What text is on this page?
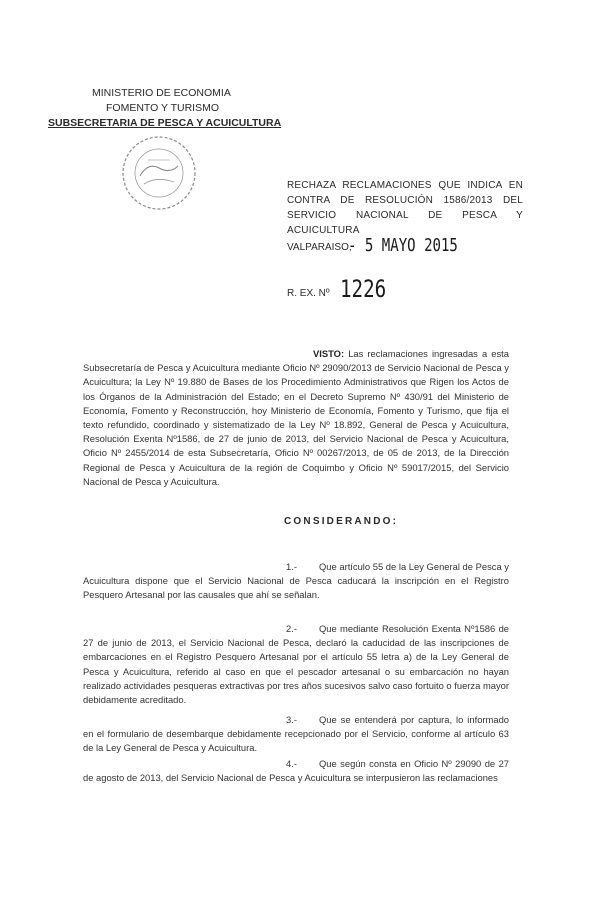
MINISTERIO DE ECONOMIA
FOMENTO Y TURISMO
SUBSECRETARIA DE PESCA Y ACUICULTURA
RECHAZA RECLAMACIONES QUE INDICA EN CONTRA DE RESOLUCIÓN 1586/2013 DEL SERVICIO NACIONAL DE PESCA Y ACUICULTURA
VALPARAISO,
- 5 MAYO 2015
R. EX. Nº 1226
VISTO: Las reclamaciones ingresadas a esta Subsecretaría de Pesca y Acuicultura mediante Oficio Nº 29090/2013 de Servicio Nacional de Pesca y Acuicultura; la Ley Nº 19.880 de Bases de los Procedimiento Administrativos que Rigen los Actos de los Órganos de la Administración del Estado; en el Decreto Supremo Nº 430/91 del Ministerio de Economía, Fomento y Reconstrucción, hoy Ministerio de Economía, Fomento y Turismo, que fija el texto refundido, coordinado y sistematizado de la Ley Nº 18.892, General de Pesca y Acuicultura, Resolución Exenta Nº1586, de 27 de junio de 2013, del Servicio Nacional de Pesca y Acuicultura, Oficio Nº 2455/2014 de esta Subsecretaría, Oficio Nº 00267/2013, de 05 de 2013, de la Dirección Regional de Pesca y Acuicultura de la región de Coquimbo y Oficio Nº 59017/2015, del Servicio Nacional de Pesca y Acuicultura.
CONSIDERANDO:
1.- Que artículo 55 de la Ley General de Pesca y Acuicultura dispone que el Servicio Nacional de Pesca caducará la inscripción en el Registro Pesquero Artesanal por las causales que ahí se señalan.
2.- Que mediante Resolución Exenta Nº1586 de 27 de junio de 2013, el Servicio Nacional de Pesca, declaró la caducidad de las inscripciones de embarcaciones en el Registro Pesquero Artesanal por el artículo 55 letra a) de la Ley General de Pesca y Acuicultura, referido al caso en que el pescador artesanal o su embarcación no hayan realizado actividades pesqueras extractivas por tres años sucesivos salvo caso fortuito o fuerza mayor debidamente acreditado.
3.- Que se entenderá por captura, lo informado en el formulario de desembarque debidamente recepcionado por el Servicio, conforme al artículo 63 de la Ley General de Pesca y Acuicultura.
4.- Que según consta en Oficio Nº 29090 de 27 de agosto de 2013, del Servicio Nacional de Pesca y Acuicultura se interpusieron las reclamaciones
